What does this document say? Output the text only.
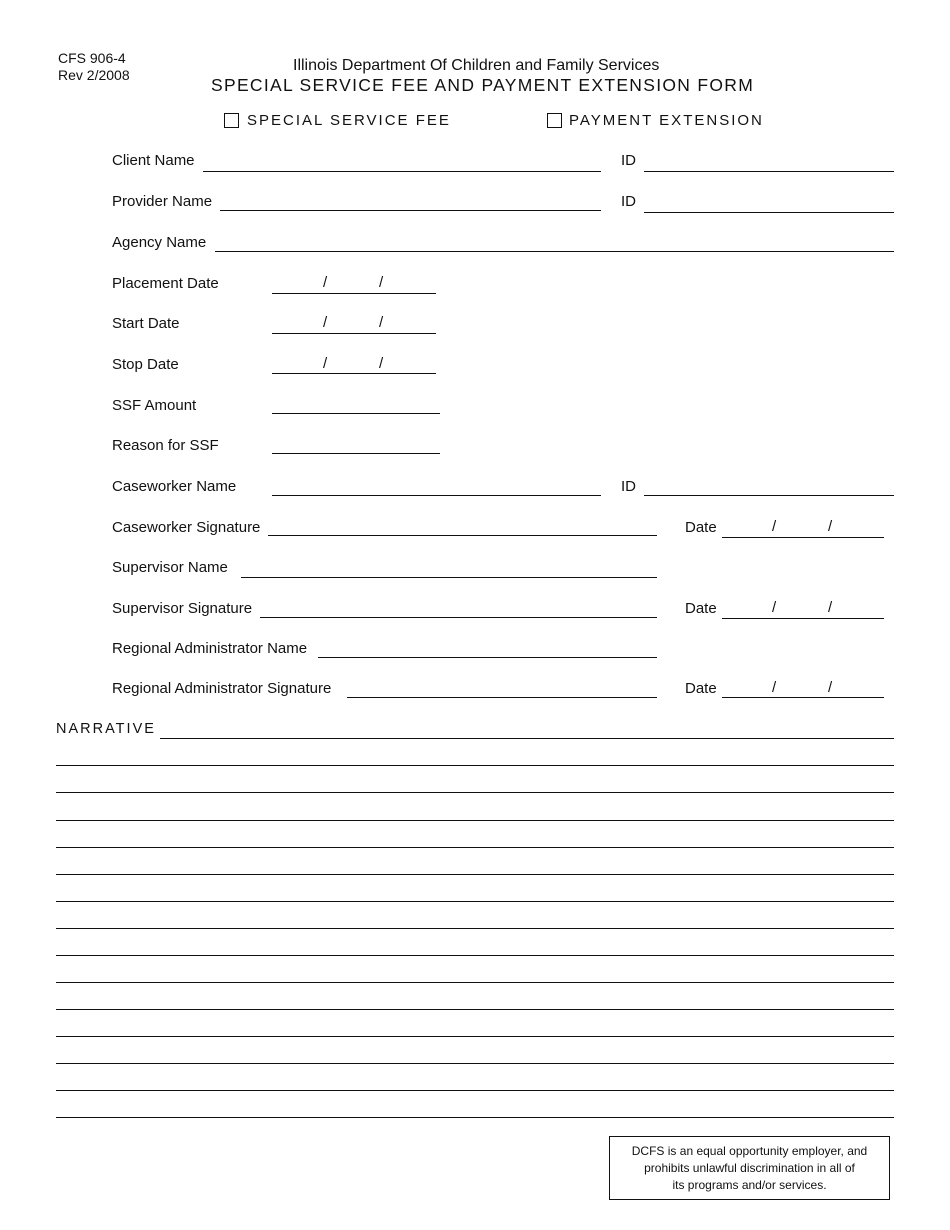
CFS 906-4
Rev 2/2008
Illinois Department Of Children and Family Services
SPECIAL SERVICE FEE AND PAYMENT EXTENSION FORM
SPECIAL SERVICE FEE	PAYMENT EXTENSION
Client Name	ID
Provider Name	ID
Agency Name
Placement Date	/	/
Start Date	/	/
Stop Date	/	/
SSF Amount
Reason for SSF
Caseworker Name	ID
Caseworker Signature	Date	/	/
Supervisor Name
Supervisor Signature	Date	/	/
Regional Administrator Name
Regional Administrator Signature	Date	/	/
NARRATIVE
DCFS is an equal opportunity employer, and
prohibits unlawful discrimination in all of
its programs and/or services.
